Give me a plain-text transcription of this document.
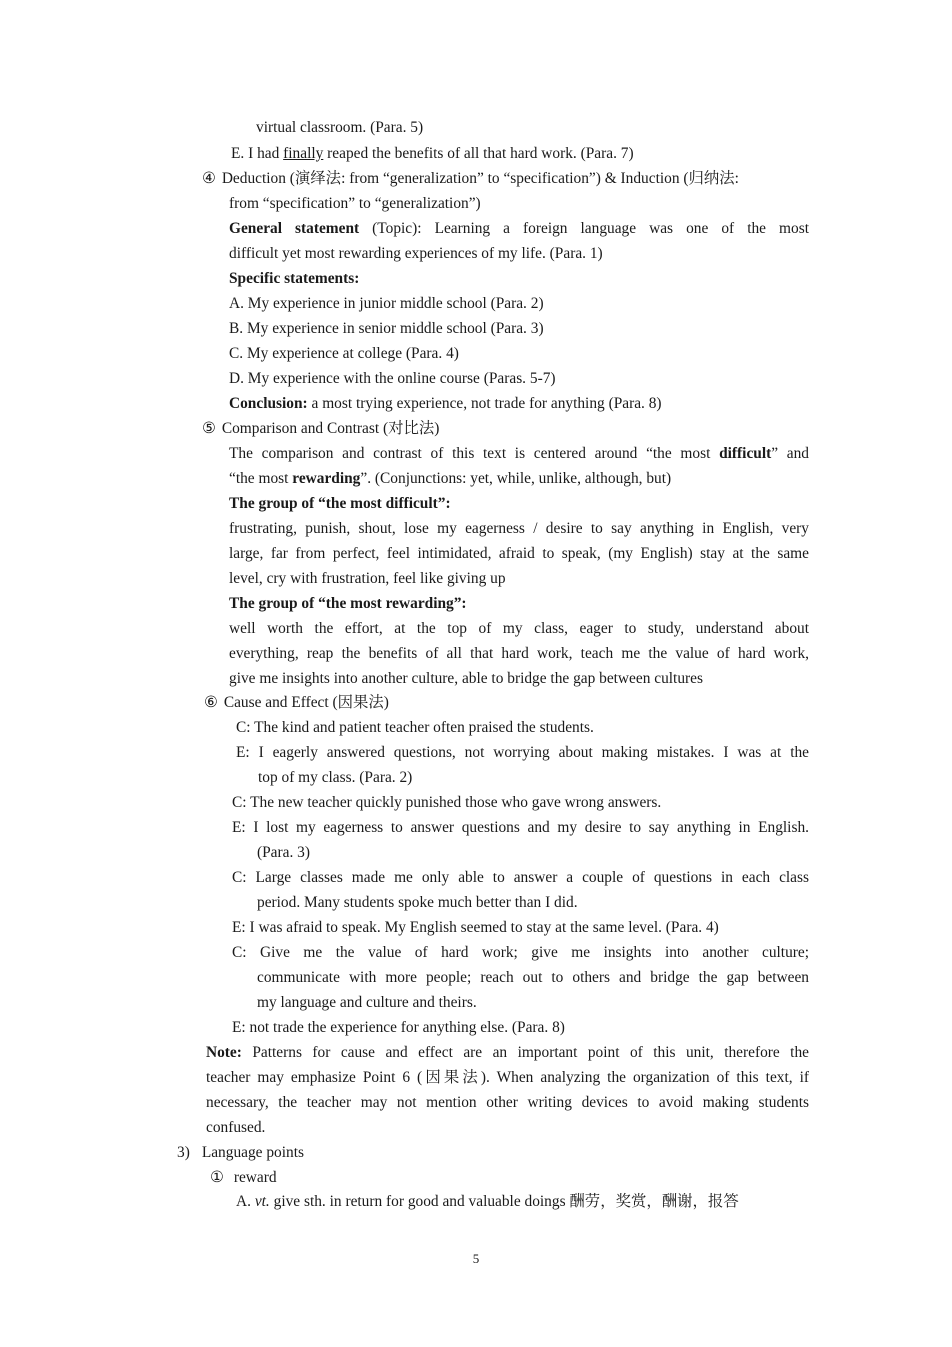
virtual classroom. (Para. 5)
E. I had finally reaped the benefits of all that hard work. (Para. 7)
④ Deduction (演绎法: from “generalization” to “specification”) & Induction (归纳法:
from “specification” to “generalization”)
General statement (Topic): Learning a foreign language was one of the most
difficult yet most rewarding experiences of my life. (Para. 1)
Specific statements:
A. My experience in junior middle school (Para. 2)
B. My experience in senior middle school (Para. 3)
C. My experience at college (Para. 4)
D. My experience with the online course (Paras. 5-7)
Conclusion: a most trying experience, not trade for anything (Para. 8)
⑤ Comparison and Contrast (对比法)
The comparison and contrast of this text is centered around “the most difficult” and
“the most rewarding”. (Conjunctions: yet, while, unlike, although, but)
The group of “the most difficult”:
frustrating, punish, shout, lose my eagerness / desire to say anything in English, very
large, far from perfect, feel intimidated, afraid to speak, (my English) stay at the same
level, cry with frustration, feel like giving up
The group of “the most rewarding”:
well worth the effort, at the top of my class, eager to study, understand about
everything, reap the benefits of all that hard work, teach me the value of hard work,
give me insights into another culture, able to bridge the gap between cultures
⑥ Cause and Effect (因果法)
C: The kind and patient teacher often praised the students.
E: I eagerly answered questions, not worrying about making mistakes. I was at the
top of my class. (Para. 2)
C: The new teacher quickly punished those who gave wrong answers.
E: I lost my eagerness to answer questions and my desire to say anything in English.
(Para. 3)
C: Large classes made me only able to answer a couple of questions in each class
period. Many students spoke much better than I did.
E: I was afraid to speak. My English seemed to stay at the same level. (Para. 4)
C: Give me the value of hard work; give me insights into another culture;
communicate with more people; reach out to others and bridge the gap between
my language and culture and theirs.
E: not trade the experience for anything else. (Para. 8)
Note: Patterns for cause and effect are an important point of this unit, therefore the
teacher may emphasize Point 6 (因果法). When analyzing the organization of this text, if
necessary, the teacher may not mention other writing devices to avoid making students
confused.
3) Language points
① reward
A. vt. give sth. in return for good and valuable doings 酬劳，奖赏，酬谢，报答
5
